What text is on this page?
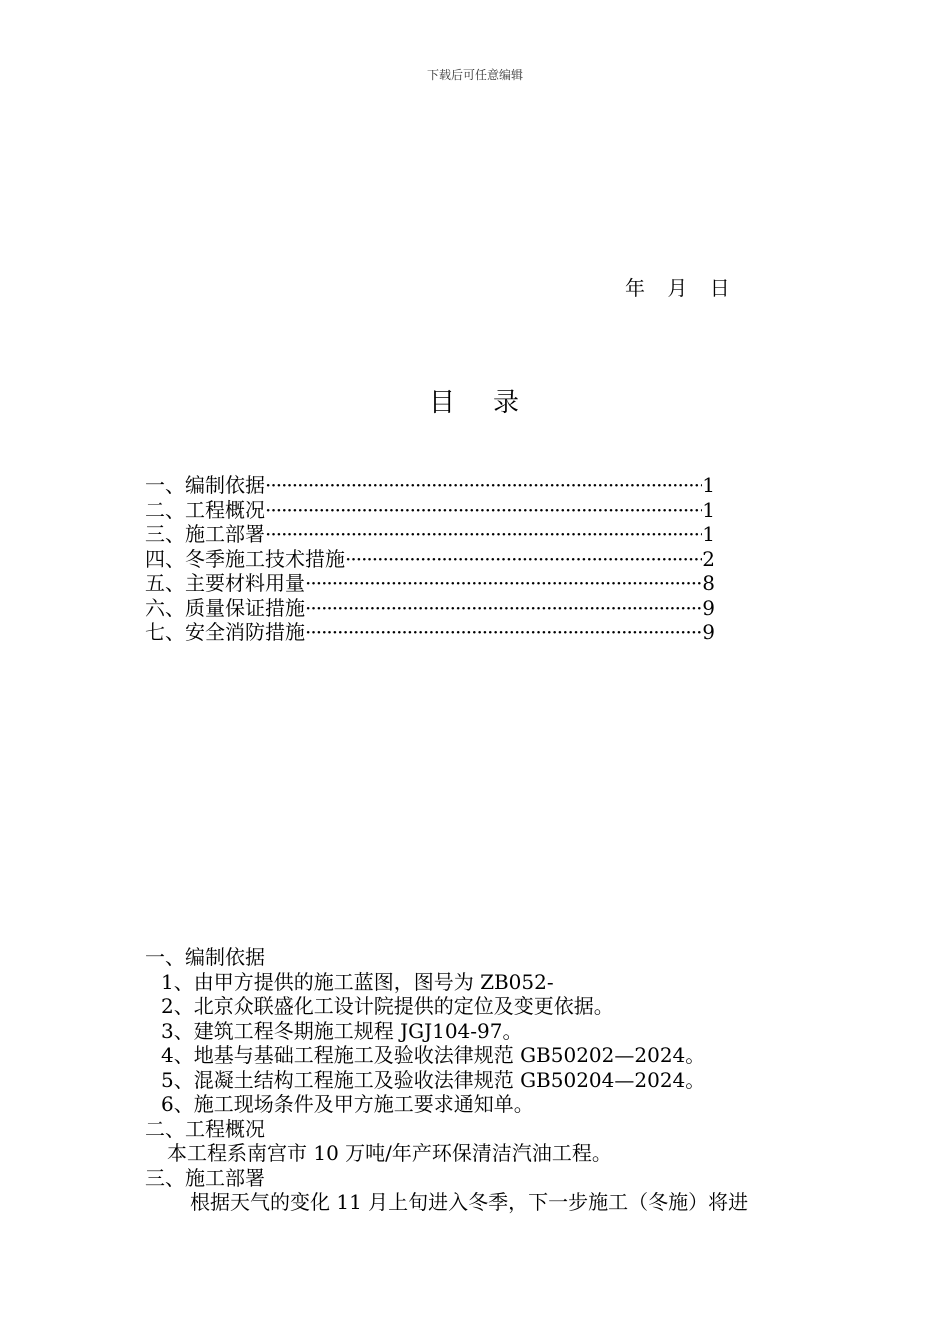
下载后可任意编辑
年 月 日
目 录
一、编制依据 ·····	1
二、工程概况 ·····	1
三、施工部署 ·····	1
四、冬季施工技术措施 ·····	2
五、主要材料用量 ·····	8
六、质量保证措施 ·····	9
七、安全消防措施 ·····	9
一、编制依据
1、由甲方提供的施工蓝图，图号为 ZB052-
2、北京众联盛化工设计院提供的定位及变更依据。
3、建筑工程冬期施工规程 JGJ104-97。
4、地基与基础工程施工及验收法律规范 GB50202—2024。
5、混凝土结构工程施工及验收法律规范 GB50204—2024。
6、施工现场条件及甲方施工要求通知单。
二、工程概况
本工程系南宫市 10 万吨/年产环保清洁汽油工程。
三、施工部署
根据天气的变化 11 月上旬进入冬季，下一步施工（冬施）将进
